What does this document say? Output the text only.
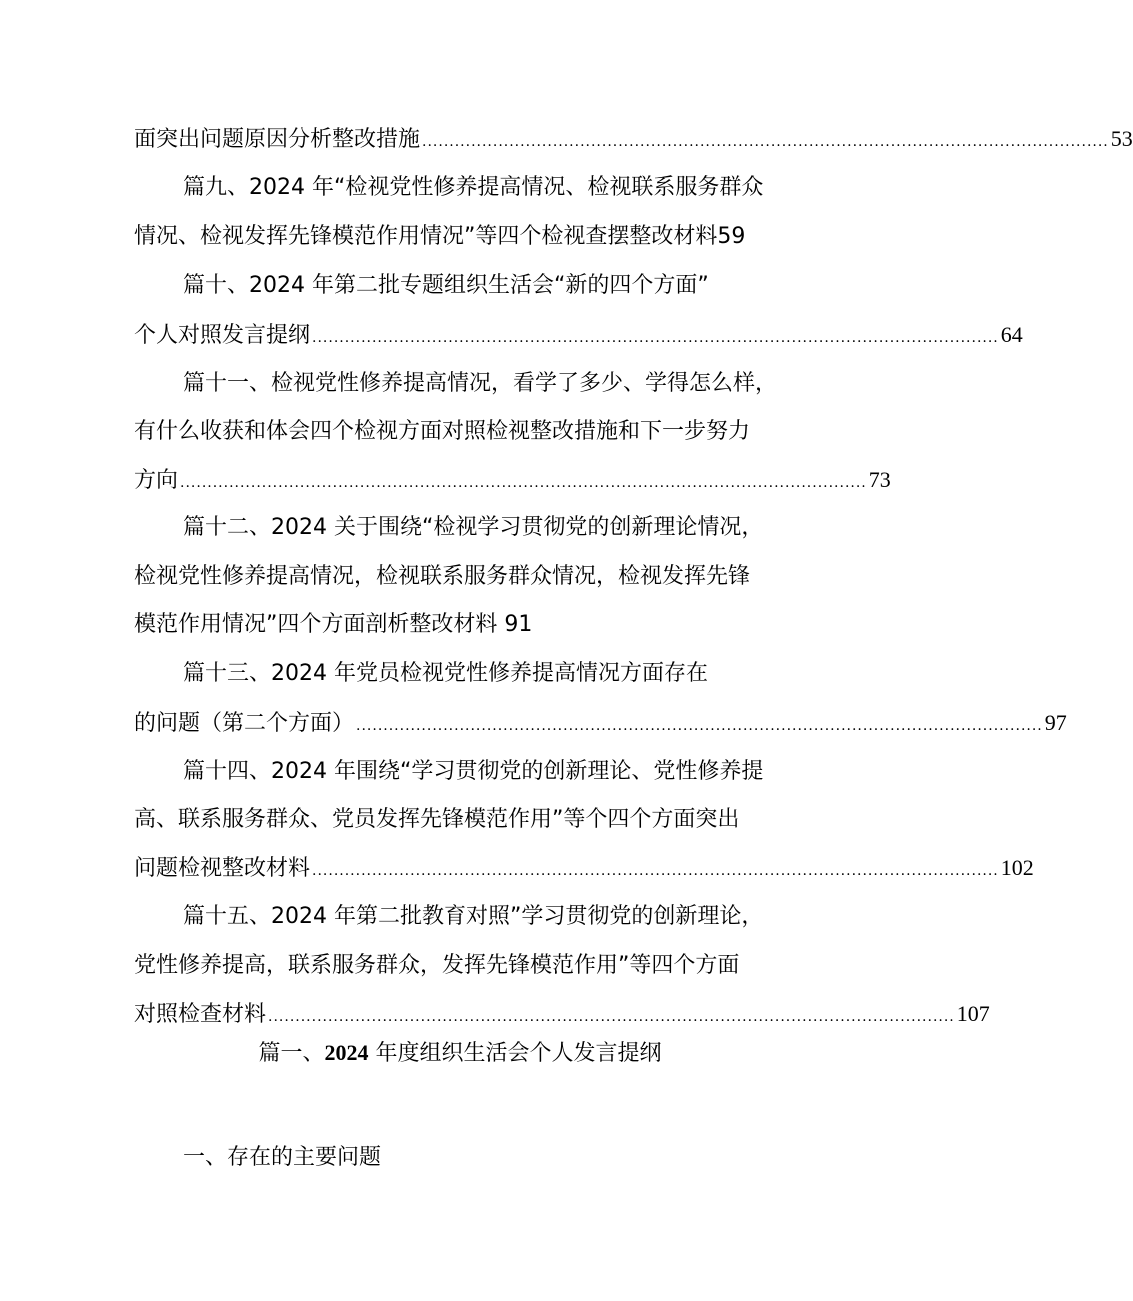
面突出问题原因分析整改措施 .............................................................................................................................. 53
篇九、2024 年“检视党性修养提高情况、检视联系服务群众
情况、检视发挥先锋模范作用情况”等四个检视查摆整改材料59
篇十、2024 年第二批专题组织生活会“新的四个方面”
个人对照发言提纲 .............................................................................................................................. 64
篇十一、检视党性修养提高情况，看学了多少、学得怎么样，
有什么收获和体会四个检视方面对照检视整改措施和下一步努力
方向 .............................................................................................................................. 73
篇十二、2024 关于围绕“检视学习贯彻党的创新理论情况，
检视党性修养提高情况，检视联系服务群众情况，检视发挥先锋
模范作用情况”四个方面剖析整改材料 91
篇十三、2024 年党员检视党性修养提高情况方面存在
的问题（第二个方面） .............................................................................................................................. 97
篇十四、2024 年围绕“学习贯彻党的创新理论、党性修养提
高、联系服务群众、党员发挥先锋模范作用”等个四个方面突出
问题检视整改材料 .............................................................................................................................. 102
篇十五、2024 年第二批教育对照”学习贯彻党的创新理论，
党性修养提高，联系服务群众，发挥先锋模范作用”等四个方面
对照检查材料 .............................................................................................................................. 107
篇一、2024 年度组织生活会个人发言提纲
一、存在的主要问题
